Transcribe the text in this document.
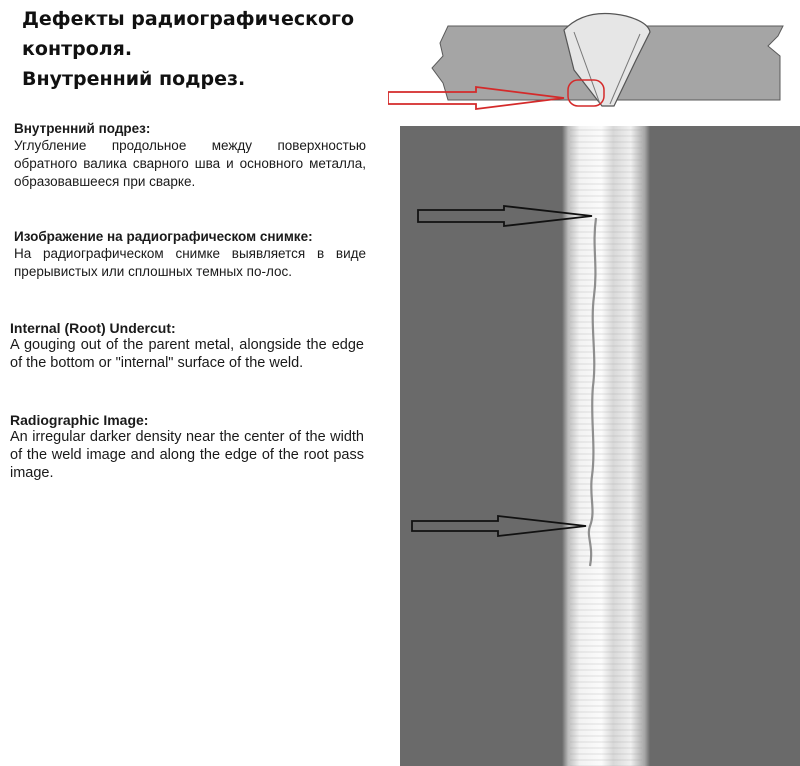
Дефекты радиографического
контроля.
Внутренний подрез.
Внутренний подрез:

Углубление продольное между поверхностью обратного валика сварного шва и основного металла, образовавшееся при сварке.

Изображение на радиографическом снимке:

На радиографическом снимке выявляется в виде прерывистых или сплошных темных по-лос.

Internal (Root) Undercut:

A gouging out of the parent metal, alongside the edge of the bottom or "internal" surface of the weld.

Radiographic Image:

An irregular darker density near the center of the width of the weld image and along the edge of the root pass image.
